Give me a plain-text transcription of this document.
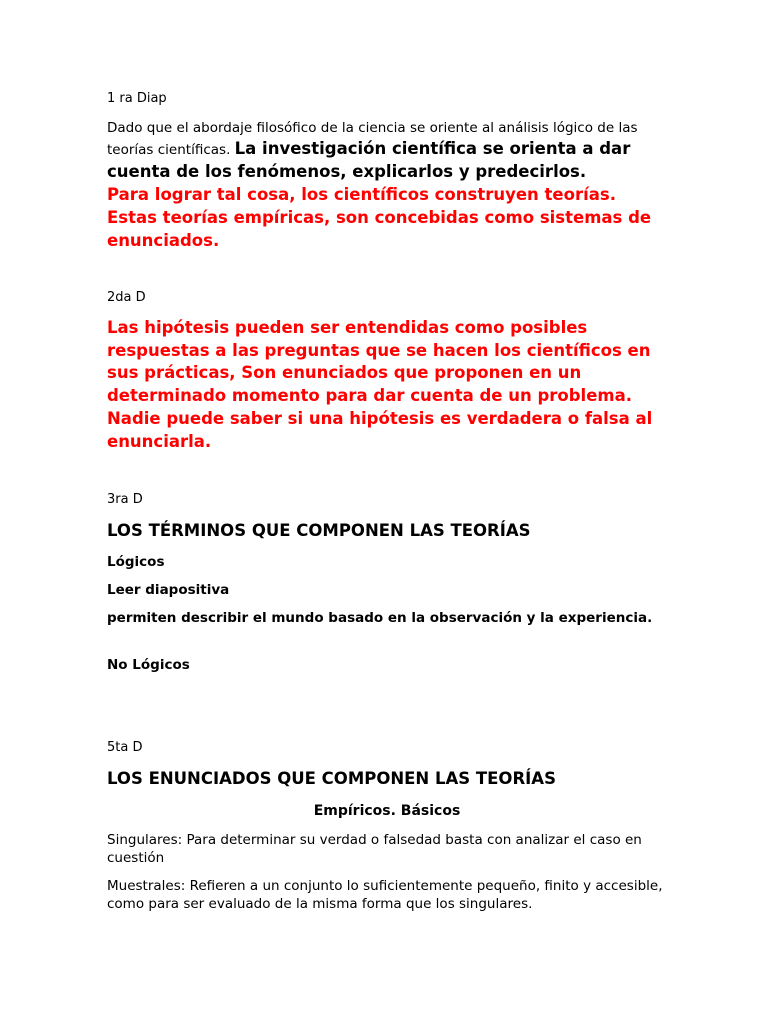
1 ra Diap
Dado que el abordaje filosófico de la ciencia se oriente al análisis lógico de las teorías científicas. La investigación científica se orienta a dar cuenta de los fenómenos, explicarlos y predecirlos.
Para lograr tal cosa, los científicos construyen teorías. Estas teorías empíricas, son concebidas como sistemas de enunciados.
2da D
Las hipótesis pueden ser entendidas como posibles respuestas a las preguntas que se hacen los científicos en sus prácticas, Son enunciados que proponen en un determinado momento para dar cuenta de un problema. Nadie puede saber si una hipótesis es verdadera o falsa al enunciarla.
3ra D
LOS TÉRMINOS QUE COMPONEN LAS TEORÍAS
Lógicos
Leer diapositiva
permiten describir el mundo basado en la observación y la experiencia.
No Lógicos
5ta D
LOS ENUNCIADOS QUE COMPONEN LAS TEORÍAS
Empíricos. Básicos
Singulares: Para determinar su verdad o falsedad basta con analizar el caso en cuestión
Muestrales: Refieren a un conjunto lo suficientemente pequeño, finito y accesible, como para ser evaluado de la misma forma que los singulares.
